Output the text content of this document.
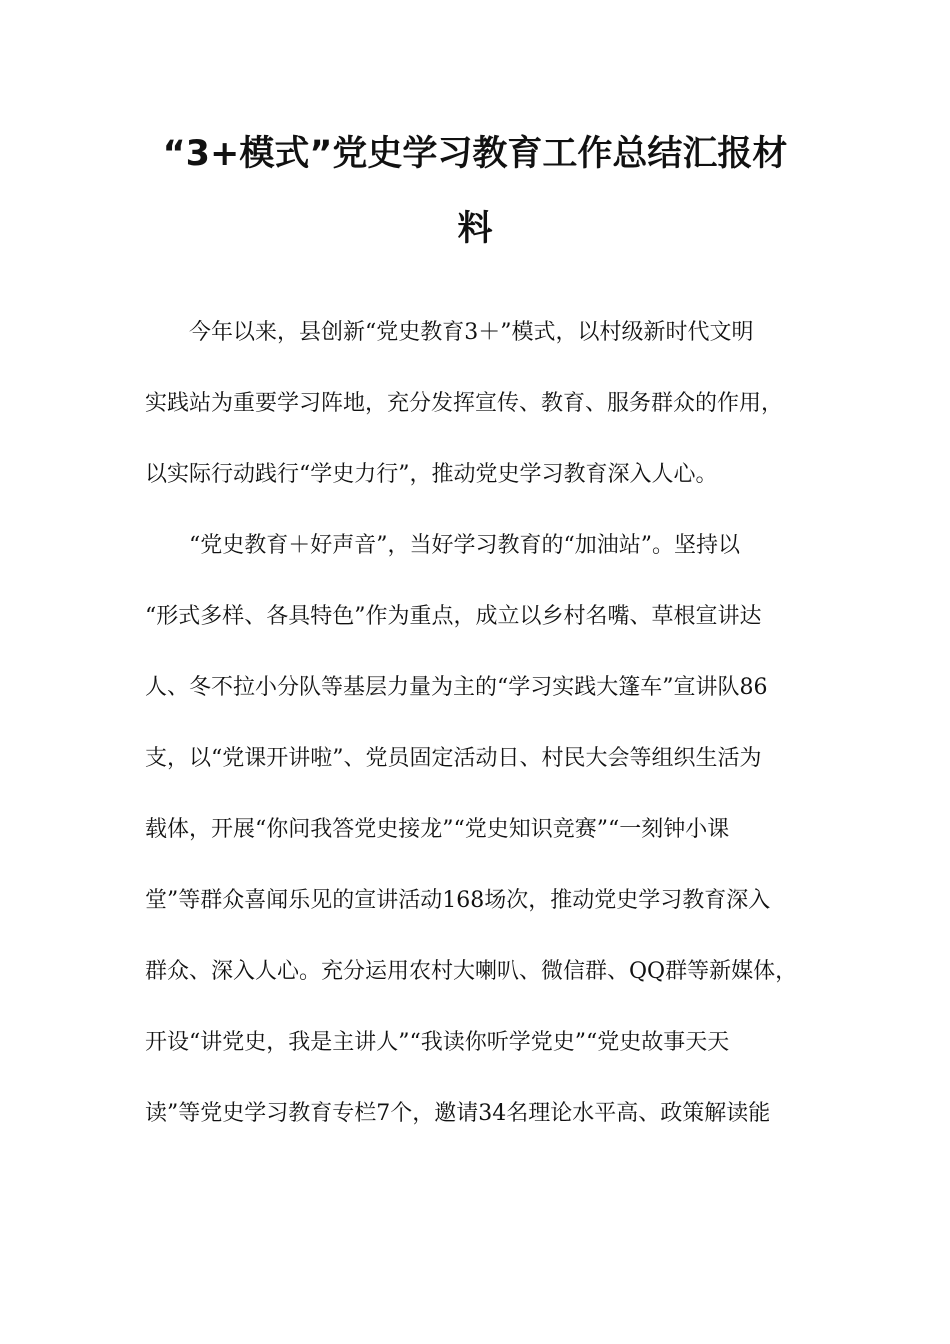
“3+模式”党史学习教育工作总结汇报材
料

今年以来，县创新“党史教育3＋”模式，以村级新时代文明

实践站为重要学习阵地，充分发挥宣传、教育、服务群众的作用，

以实际行动践行“学史力行”，推动党史学习教育深入人心。

“党史教育＋好声音”，当好学习教育的“加油站”。坚持以

“形式多样、各具特色”作为重点，成立以乡村名嘴、草根宣讲达

人、冬不拉小分队等基层力量为主的“学习实践大篷车”宣讲队86

支，以“党课开讲啦”、党员固定活动日、村民大会等组织生活为

载体，开展“你问我答党史接龙”“党史知识竞赛”“一刻钟小课

堂”等群众喜闻乐见的宣讲活动168场次，推动党史学习教育深入

群众、深入人心。充分运用农村大喇叭、微信群、QQ群等新媒体，

开设“讲党史，我是主讲人”“我读你听学党史”“党史故事天天

读”等党史学习教育专栏7个，邀请34名理论水平高、政策解读能
